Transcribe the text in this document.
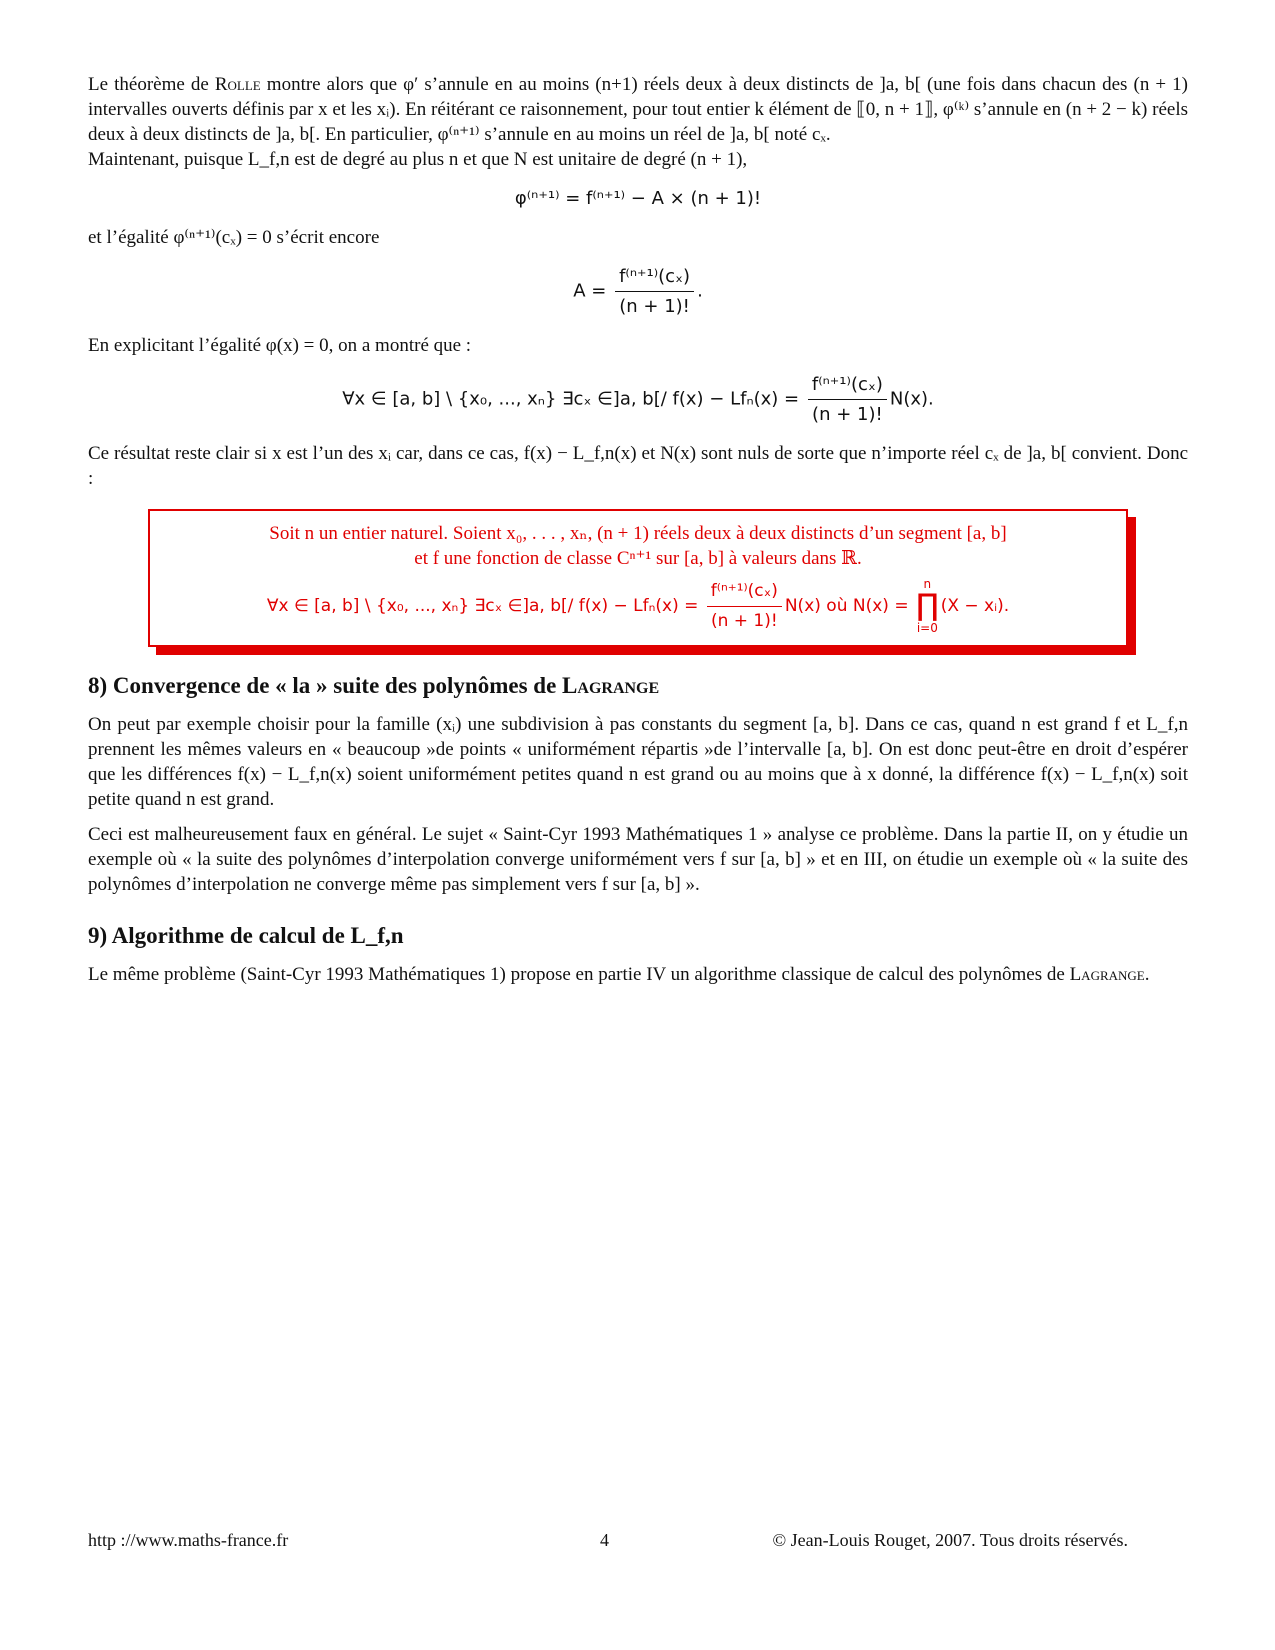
Le théorème de Rolle montre alors que φ′ s’annule en au moins (n+1) réels deux à deux distincts de ]a, b[ (une fois dans chacun des (n + 1) intervalles ouverts définis par x et les xᵢ). En réitérant ce raisonnement, pour tout entier k élément de ⟦0, n + 1⟧, φ⁽ᵏ⁾ s’annule en (n + 2 − k) réels deux à deux distincts de ]a, b[. En particulier, φ⁽ⁿ⁺¹⁾ s’annule en au moins un réel de ]a, b[ noté cₓ.

Maintenant, puisque L_f,n est de degré au plus n et que N est unitaire de degré (n + 1),

φ⁽ⁿ⁺¹⁾ = f⁽ⁿ⁺¹⁾ − A × (n + 1)!

et l’égalité φ⁽ⁿ⁺¹⁾(cₓ) = 0 s’écrit encore

$A = \frac{\text{f⁽ⁿ⁺¹⁾(cₓ)}}{(n + 1)!}$ .

En explicitant l’égalité φ(x) = 0, on a montré que :

∀x ∈ [a, b] \ {x₀, ..., xₙ} ∃cₓ ∈]a, b[/ $f(x) - Lf_n(x) = \frac{\text{f⁽ⁿ⁺¹⁾(cₓ)}}{(n + 1)!} N(x)$.

Ce résultat reste clair si x est l’un des xᵢ car, dans ce cas, f(x) − L_f,n(x) et N(x) sont nuls de sorte que n’importe réel cₓ de ]a, b[ convient. Donc :

Soit n un entier naturel. Soient x₀, . . . , xₙ, (n + 1) réels deux à deux distincts d’un segment [a, b]
et f une fonction de classe Cⁿ⁺¹ sur [a, b] à valeurs dans ℝ.
∀x ∈ [a, b] \ {x₀, ..., xₙ} ∃cₓ ∈]a, b[/ $f(x) - Lf_n(x) = \frac{\text{f⁽ⁿ⁺¹⁾(cₓ)}}{(n + 1)!} N(x)$ où N(x) =
n
∏
i=0
(X − xᵢ).
8) Convergence de « la » suite des polynômes de Lagrange

On peut par exemple choisir pour la famille (xᵢ) une subdivision à pas constants du segment [a, b]. Dans ce cas, quand n est grand f et L_f,n prennent les mêmes valeurs en « beaucoup »de points « uniformément répartis »de l’intervalle [a, b]. On est donc peut-être en droit d’espérer que les différences f(x) − L_f,n(x) soient uniformément petites quand n est grand ou au moins que à x donné, la différence f(x) − L_f,n(x) soit petite quand n est grand.

Ceci est malheureusement faux en général. Le sujet « Saint-Cyr 1993 Mathématiques 1 » analyse ce problème. Dans la partie II, on y étudie un exemple où « la suite des polynômes d’interpolation converge uniformément vers f sur [a, b] » et en III, on étudie un exemple où « la suite des polynômes d’interpolation ne converge même pas simplement vers f sur [a, b] ».

9) Algorithme de calcul de L_f,n

Le même problème (Saint-Cyr 1993 Mathématiques 1) propose en partie IV un algorithme classique de calcul des polynômes de Lagrange.

http ://www.maths-france.fr	4	© Jean-Louis Rouget, 2007. Tous droits réservés.
